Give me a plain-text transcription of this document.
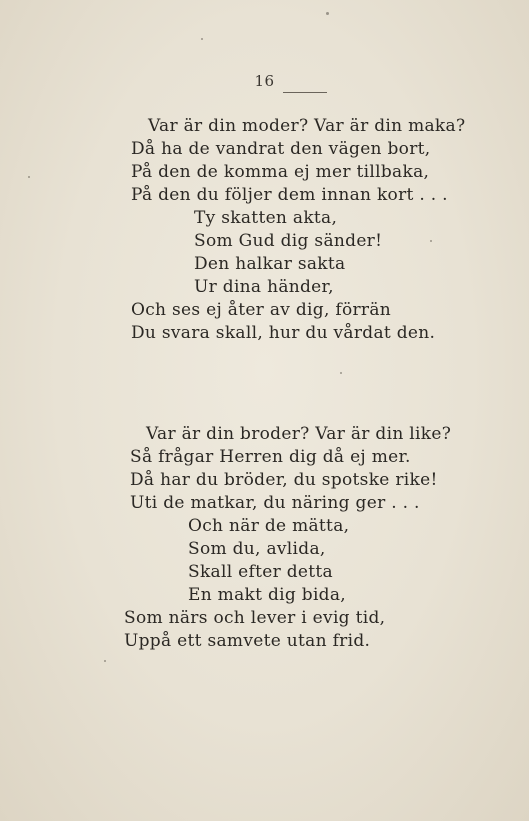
16
Var är din moder? Var är din maka?
Då ha de vandrat den vägen bort,
På den de komma ej mer tillbaka,
På den du följer dem innan kort . . .
Ty skatten akta,
Som Gud dig sänder!
Den halkar sakta
Ur dina händer,
Och ses ej åter av dig, förrän
Du svara skall, hur du vårdat den.
Var är din broder? Var är din like?
Så frågar Herren dig då ej mer.
Då har du bröder, du spotske rike!
Uti de matkar, du näring ger . . .
Och när de mätta,
Som du, avlida,
Skall efter detta
En makt dig bida,
Som närs och lever i evig tid,
Uppå ett samvete utan frid.
